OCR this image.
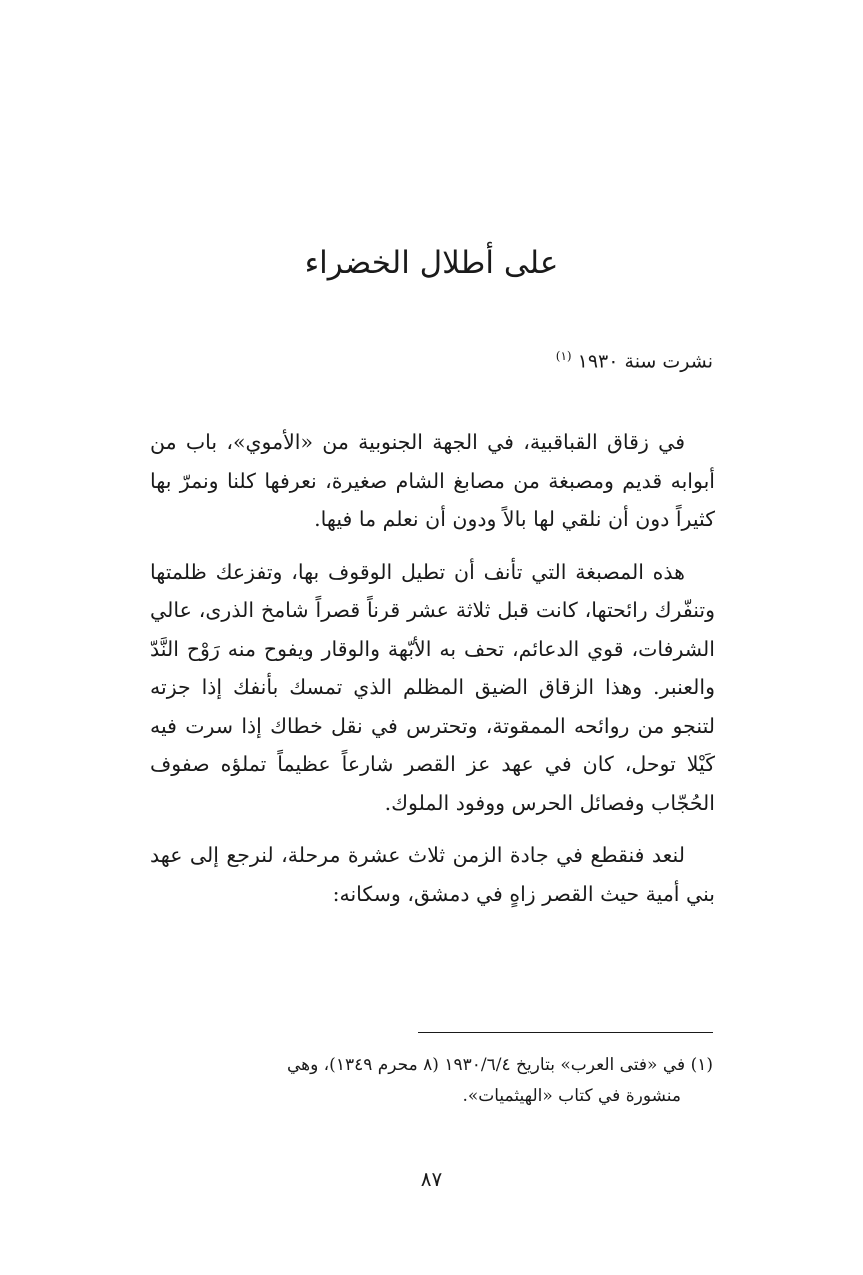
على أطلال الخضراء

نشرت سنة ١٩٣٠ $^{(١)}$

في زقاق القباقبية، في الجهة الجنوبية من «الأموي»، باب من أبوابه قديم ومصبغة من مصابغ الشام صغيرة، نعرفها كلنا ونمرّ بها كثيراً دون أن نلقي لها بالاً ودون أن نعلم ما فيها.

هذه المصبغة التي تأنف أن تطيل الوقوف بها، وتفزعك ظلمتها وتنفّرك رائحتها، كانت قبل ثلاثة عشر قرناً قصراً شامخ الذرى، عالي الشرفات، قوي الدعائم، تحف به الأبّهة والوقار ويفوح منه رَوْح النَّدّ والعنبر. وهذا الزقاق الضيق المظلم الذي تمسك بأنفك إذا جزته لتنجو من روائحه الممقوتة، وتحترس في نقل خطاك إذا سرت فيه كَيْلا توحل، كان في عهد عز القصر شارعاً عظيماً تملؤه صفوف الحُجّاب وفصائل الحرس ووفود الملوك.

لنعد فنقطع في جادة الزمن ثلاث عشرة مرحلة، لنرجع إلى عهد بني أمية حيث القصر زاهٍ في دمشق، وسكانه:

(١) في «فتى العرب» بتاريخ ١٩٣٠/٦/٤ (٨ محرم ١٣٤٩)، وهي
منشورة في كتاب «الهيثميات».

٨٧
